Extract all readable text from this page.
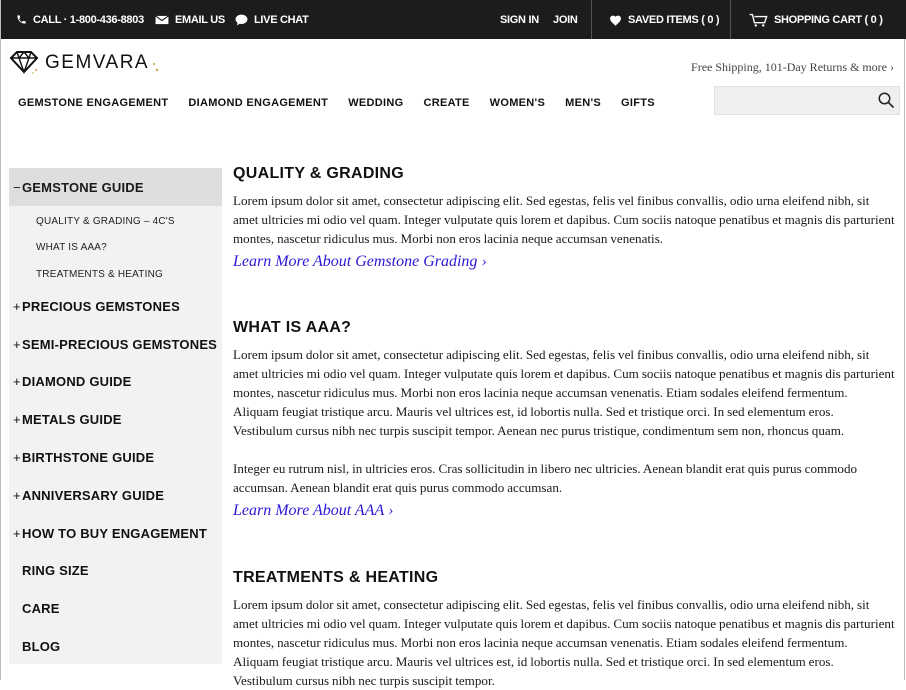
CALL · 1-800-436-8803	EMAIL US	LIVE CHAT	SIGN IN JOIN	SAVED ITEMS ( 0 )	SHOPPING CART ( 0 )
GEMVARA	Free Shipping, 101-Day Returns & more ›
GEMSTONE ENGAGEMENT DIAMOND ENGAGEMENT WEDDING CREATE WOMEN'S MEN'S GIFTS
− GEMSTONE GUIDE
QUALITY & GRADING – 4C'S
WHAT IS AAA?
TREATMENTS & HEATING
+ PRECIOUS GEMSTONES
+ SEMI-PRECIOUS GEMSTONES
+ DIAMOND GUIDE
+ METALS GUIDE
+ BIRTHSTONE GUIDE
+ ANNIVERSARY GUIDE
+ HOW TO BUY ENGAGEMENT
RING SIZE
CARE
BLOG
QUALITY & GRADING

Lorem ipsum dolor sit amet, consectetur adipiscing elit. Sed egestas, felis vel finibus convallis, odio urna eleifend nibh, sit amet ultricies mi odio vel quam. Integer vulputate quis lorem et dapibus. Cum sociis natoque penatibus et magnis dis parturient montes, nascetur ridiculus mus. Morbi non eros lacinia neque accumsan venenatis.

Learn More About Gemstone Grading ›
WHAT IS AAA?

Lorem ipsum dolor sit amet, consectetur adipiscing elit. Sed egestas, felis vel finibus convallis, odio urna eleifend nibh, sit amet ultricies mi odio vel quam. Integer vulputate quis lorem et dapibus. Cum sociis natoque penatibus et magnis dis parturient montes, nascetur ridiculus mus. Morbi non eros lacinia neque accumsan venenatis. Etiam sodales eleifend fermentum. Aliquam feugiat tristique arcu. Mauris vel ultrices est, id lobortis nulla. Sed et tristique orci. In sed elementum eros. Vestibulum cursus nibh nec turpis suscipit tempor. Aenean nec purus tristique, condimentum sem non, rhoncus quam.

Integer eu rutrum nisl, in ultricies eros. Cras sollicitudin in libero nec ultricies. Aenean blandit erat quis purus commodo accumsan. Aenean blandit erat quis purus commodo accumsan.

Learn More About AAA ›
TREATMENTS & HEATING

Lorem ipsum dolor sit amet, consectetur adipiscing elit. Sed egestas, felis vel finibus convallis, odio urna eleifend nibh, sit amet ultricies mi odio vel quam. Integer vulputate quis lorem et dapibus. Cum sociis natoque penatibus et magnis dis parturient montes, nascetur ridiculus mus. Morbi non eros lacinia neque accumsan venenatis. Etiam sodales eleifend fermentum. Aliquam feugiat tristique arcu. Mauris vel ultrices est, id lobortis nulla. Sed et tristique orci. In sed elementum eros. Vestibulum cursus nibh nec turpis suscipit tempor.
